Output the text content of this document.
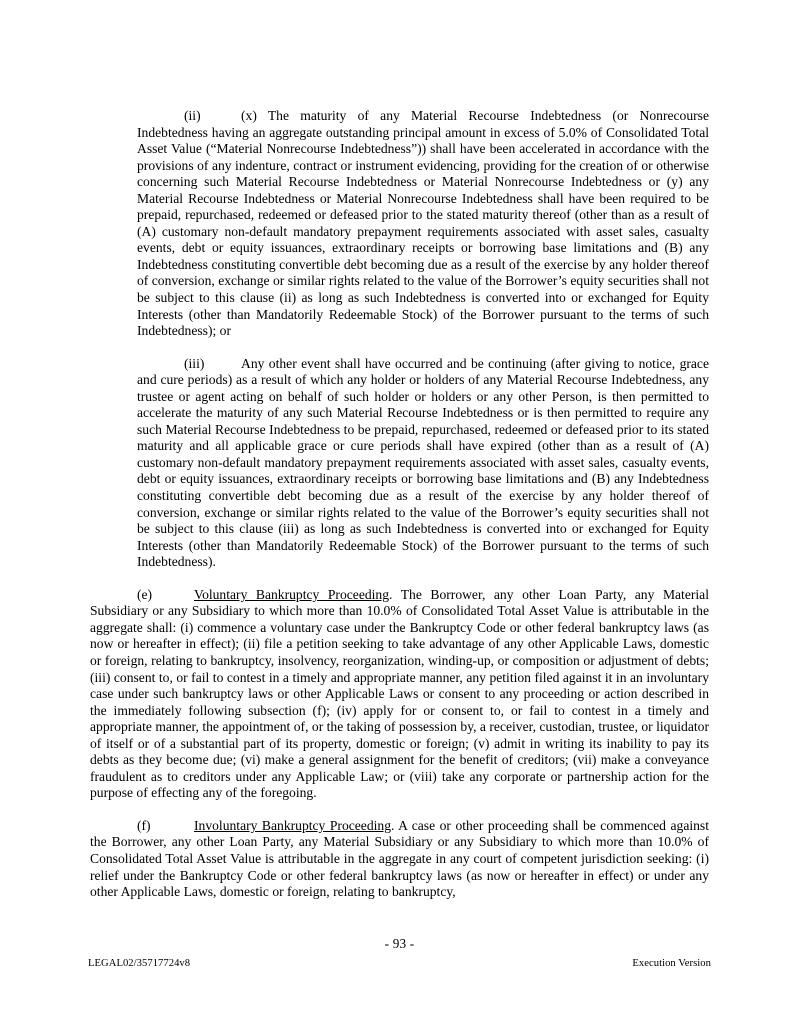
(ii)	(x) The maturity of any Material Recourse Indebtedness (or Nonrecourse Indebtedness having an aggregate outstanding principal amount in excess of 5.0% of Consolidated Total Asset Value (“Material Nonrecourse Indebtedness”)) shall have been accelerated in accordance with the provisions of any indenture, contract or instrument evidencing, providing for the creation of or otherwise concerning such Material Recourse Indebtedness or Material Nonrecourse Indebtedness or (y) any Material Recourse Indebtedness or Material Nonrecourse Indebtedness shall have been required to be prepaid, repurchased, redeemed or defeased prior to the stated maturity thereof (other than as a result of (A) customary non-default mandatory prepayment requirements associated with asset sales, casualty events, debt or equity issuances, extraordinary receipts or borrowing base limitations and (B) any Indebtedness constituting convertible debt becoming due as a result of the exercise by any holder thereof of conversion, exchange or similar rights related to the value of the Borrower’s equity securities shall not be subject to this clause (ii) as long as such Indebtedness is converted into or exchanged for Equity Interests (other than Mandatorily Redeemable Stock) of the Borrower pursuant to the terms of such Indebtedness); or

(iii)	Any other event shall have occurred and be continuing (after giving to notice, grace and cure periods) as a result of which any holder or holders of any Material Recourse Indebtedness, any trustee or agent acting on behalf of such holder or holders or any other Person, is then permitted to accelerate the maturity of any such Material Recourse Indebtedness or is then permitted to require any such Material Recourse Indebtedness to be prepaid, repurchased, redeemed or defeased prior to its stated maturity and all applicable grace or cure periods shall have expired (other than as a result of (A) customary non-default mandatory prepayment requirements associated with asset sales, casualty events, debt or equity issuances, extraordinary receipts or borrowing base limitations and (B) any Indebtedness constituting convertible debt becoming due as a result of the exercise by any holder thereof of conversion, exchange or similar rights related to the value of the Borrower’s equity securities shall not be subject to this clause (iii) as long as such Indebtedness is converted into or exchanged for Equity Interests (other than Mandatorily Redeemable Stock) of the Borrower pursuant to the terms of such Indebtedness).

(e)	Voluntary Bankruptcy Proceeding. The Borrower, any other Loan Party, any Material Subsidiary or any Subsidiary to which more than 10.0% of Consolidated Total Asset Value is attributable in the aggregate shall: (i) commence a voluntary case under the Bankruptcy Code or other federal bankruptcy laws (as now or hereafter in effect); (ii) file a petition seeking to take advantage of any other Applicable Laws, domestic or foreign, relating to bankruptcy, insolvency, reorganization, winding-up, or composition or adjustment of debts; (iii) consent to, or fail to contest in a timely and appropriate manner, any petition filed against it in an involuntary case under such bankruptcy laws or other Applicable Laws or consent to any proceeding or action described in the immediately following subsection (f); (iv) apply for or consent to, or fail to contest in a timely and appropriate manner, the appointment of, or the taking of possession by, a receiver, custodian, trustee, or liquidator of itself or of a substantial part of its property, domestic or foreign; (v) admit in writing its inability to pay its debts as they become due; (vi) make a general assignment for the benefit of creditors; (vii) make a conveyance fraudulent as to creditors under any Applicable Law; or (viii) take any corporate or partnership action for the purpose of effecting any of the foregoing.

(f)	Involuntary Bankruptcy Proceeding. A case or other proceeding shall be commenced against the Borrower, any other Loan Party, any Material Subsidiary or any Subsidiary to which more than 10.0% of Consolidated Total Asset Value is attributable in the aggregate in any court of competent jurisdiction seeking: (i) relief under the Bankruptcy Code or other federal bankruptcy laws (as now or hereafter in effect) or under any other Applicable Laws, domestic or foreign, relating to bankruptcy,

- 93 -
LEGAL02/35717724v8	Execution Version
